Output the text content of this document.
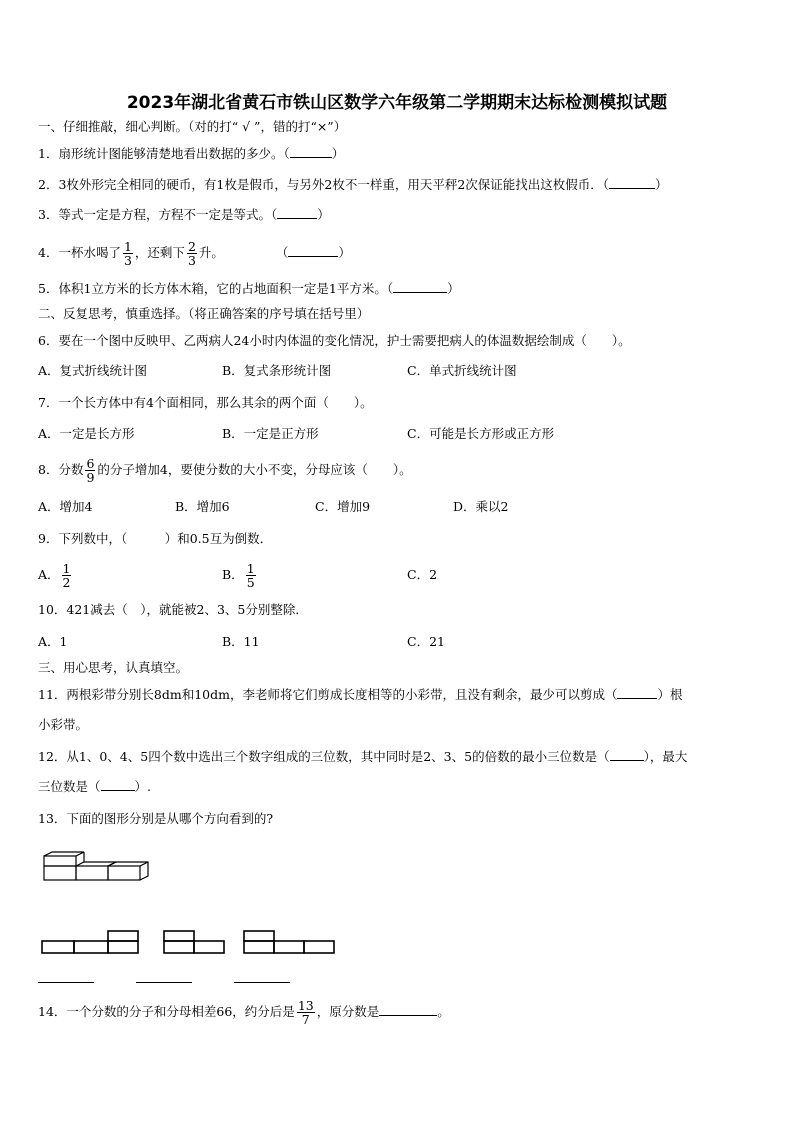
2023年湖北省黄石市铁山区数学六年级第二学期期末达标检测模拟试题
一、仔细推敲，细心判断。（对的打“ √ ”，错的打“×”）
1．扇形统计图能够清楚地看出数据的多少。（	）
2．3枚外形完全相同的硬币，有1枚是假币，与另外2枚不一样重，用天平秤2次保证能找出这枚假币．（	）
3．等式一定是方程，方程不一定是等式。（	）
4．一杯水喝了 $\frac{1}{3}$ ，还剩下 $\frac{2}{3}$ 升。	（	）
5．体积1立方米的长方体木箱，它的占地面积一定是1平方米。（	）
二、反复思考，慎重选择。（将正确答案的序号填在括号里）
6．要在一个图中反映甲、乙两病人24小时内体温的变化情况，护士需要把病人的体温数据绘制成（　　）。
A．复式折线统计图	B．复式条形统计图	C．单式折线统计图
7．一个长方体中有4个面相同，那么其余的两个面（　　）。
A．一定是长方形	B．一定是正方形	C．可能是长方形或正方形
8．分数 $\frac{6}{9}$ 的分子增加4，要使分数的大小不变，分母应该（　　）。
A．增加4	B．增加6	C．增加9	D．乘以2
9．下列数中，（　　　）和0.5互为倒数．
A． $\frac{1}{2}$	B． $\frac{1}{5}$	C．2
10．421减去（　），就能被2、3、5分别整除．
A．1	B．11	C．21
三、用心思考，认真填空。
11．两根彩带分别长8dm和10dm，李老师将它们剪成长度相等的小彩带，且没有剩余，最少可以剪成（	）根
小彩带。
12．从1、0、4、5四个数中选出三个数字组成的三位数，其中同时是2、3、5的倍数的最小三位数是（	），最大
三位数是（	）.
13．下面的图形分别是从哪个方向看到的?
14．一个分数的分子和分母相差66，约分后是 $\frac{13}{7}$ ，原分数是	。
